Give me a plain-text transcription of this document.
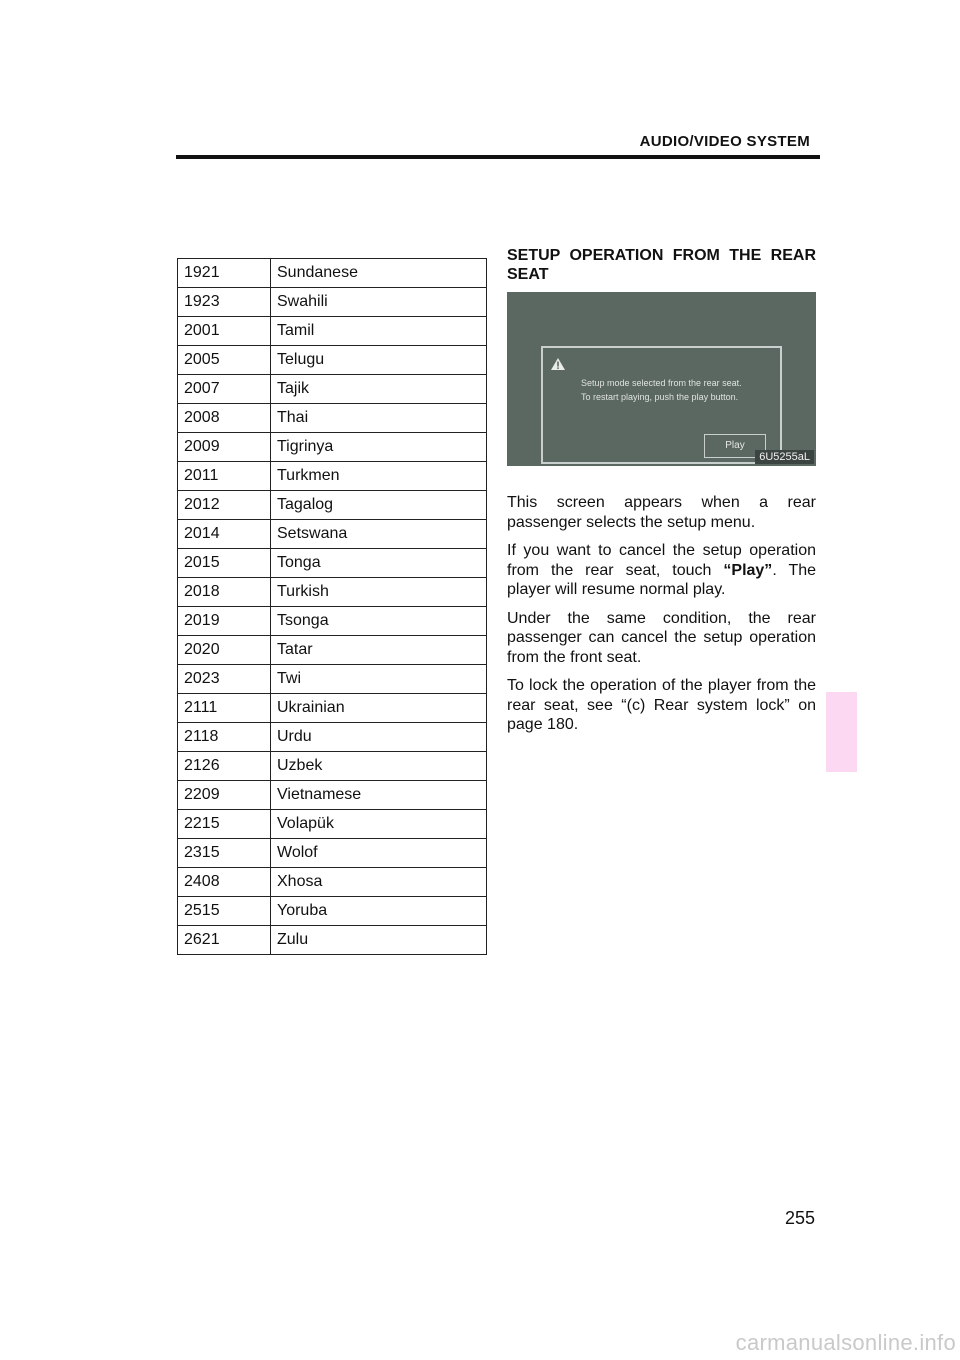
AUDIO/VIDEO SYSTEM
1921	Sundanese
1923	Swahili
2001	Tamil
2005	Telugu
2007	Tajik
2008	Thai
2009	Tigrinya
2011	Turkmen
2012	Tagalog
2014	Setswana
2015	Tonga
2018	Turkish
2019	Tsonga
2020	Tatar
2023	Twi
2111	Ukrainian
2118	Urdu
2126	Uzbek
2209	Vietnamese
2215	Volapük
2315	Wolof
2408	Xhosa
2515	Yoruba
2621	Zulu
SETUP OPERATION FROM THE REAR SEAT
Setup mode selected from the rear seat.
To restart playing, push the play button.
Play
6U5255aL

This screen appears when a rear passenger selects the setup menu.

If you want to cancel the setup operation from the rear seat, touch “Play”. The player will resume normal play.

Under the same condition, the rear passenger can cancel the setup operation from the front seat.

To lock the operation of the player from the rear seat, see “(c) Rear system lock” on page 180.

255
carmanualsonline.info
